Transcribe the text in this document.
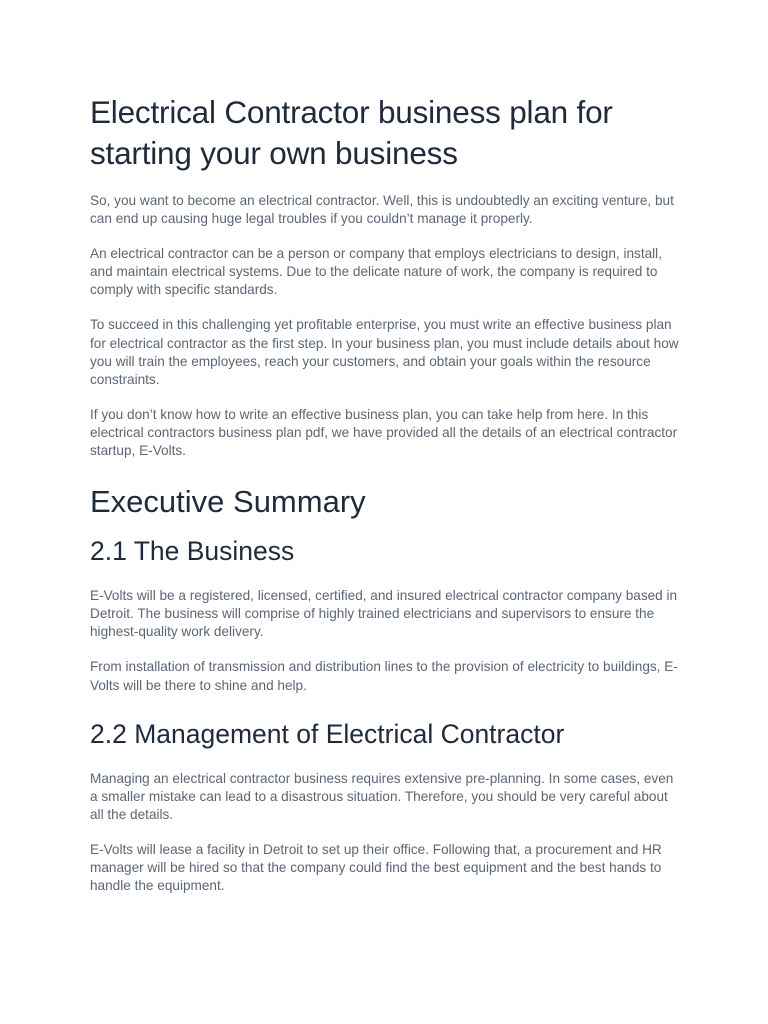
Electrical Contractor business plan for starting your own business

So, you want to become an electrical contractor. Well, this is undoubtedly an exciting venture, but can end up causing huge legal troubles if you couldn’t manage it properly.

An electrical contractor can be a person or company that employs electricians to design, install, and maintain electrical systems. Due to the delicate nature of work, the company is required to comply with specific standards.

To succeed in this challenging yet profitable enterprise, you must write an effective business plan for electrical contractor as the first step. In your business plan, you must include details about how you will train the employees, reach your customers, and obtain your goals within the resource constraints.

If you don’t know how to write an effective business plan, you can take help from here. In this electrical contractors business plan pdf, we have provided all the details of an electrical contractor startup, E-Volts.

Executive Summary
2.1 The Business

E-Volts will be a registered, licensed, certified, and insured electrical contractor company based in Detroit. The business will comprise of highly trained electricians and supervisors to ensure the highest-quality work delivery.

From installation of transmission and distribution lines to the provision of electricity to buildings, E-Volts will be there to shine and help.

2.2 Management of Electrical Contractor

Managing an electrical contractor business requires extensive pre-planning. In some cases, even a smaller mistake can lead to a disastrous situation. Therefore, you should be very careful about all the details.

E-Volts will lease a facility in Detroit to set up their office. Following that, a procurement and HR manager will be hired so that the company could find the best equipment and the best hands to handle the equipment.
